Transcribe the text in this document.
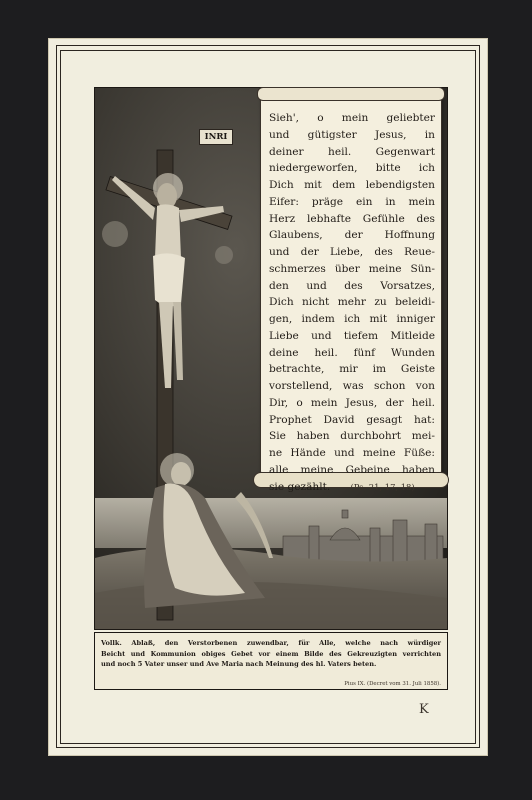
INRI
Sieh', o mein geliebter
und gütigster Jesus, in
deiner heil. Gegenwart
niedergeworfen, bitte ich
Dich mit dem lebendigsten
Eifer: präge ein in mein
Herz lebhafte Gefühle des
Glaubens, der Hoffnung
und der Liebe, des Reue-
schmerzes über meine Sün-
den und des Vorsatzes,
Dich nicht mehr zu beleidi-
gen, indem ich mit inniger
Liebe und tiefem Mitleide
deine heil. fünf Wunden
betrachte, mir im Geiste
vorstellend, was schon von
Dir, o mein Jesus, der heil.
Prophet David gesagt hat:
Sie haben durchbohrt mei-
ne Hände und meine Füße:
alle meine Gebeine haben
sie gezählt. (Ps. 21, 17, 18)
Vollk. Ablaß, den Verstorbenen zuwendbar, für Alle, welche nach würdiger
Beicht und Kommunion obiges Gebet vor einem Bilde des Gekreuzigten verrichten
und noch 5 Vater unser und Ave Maria nach Meinung des hl. Vaters beten.
Pius IX. (Decret vom 31. Juli 1858).
K
